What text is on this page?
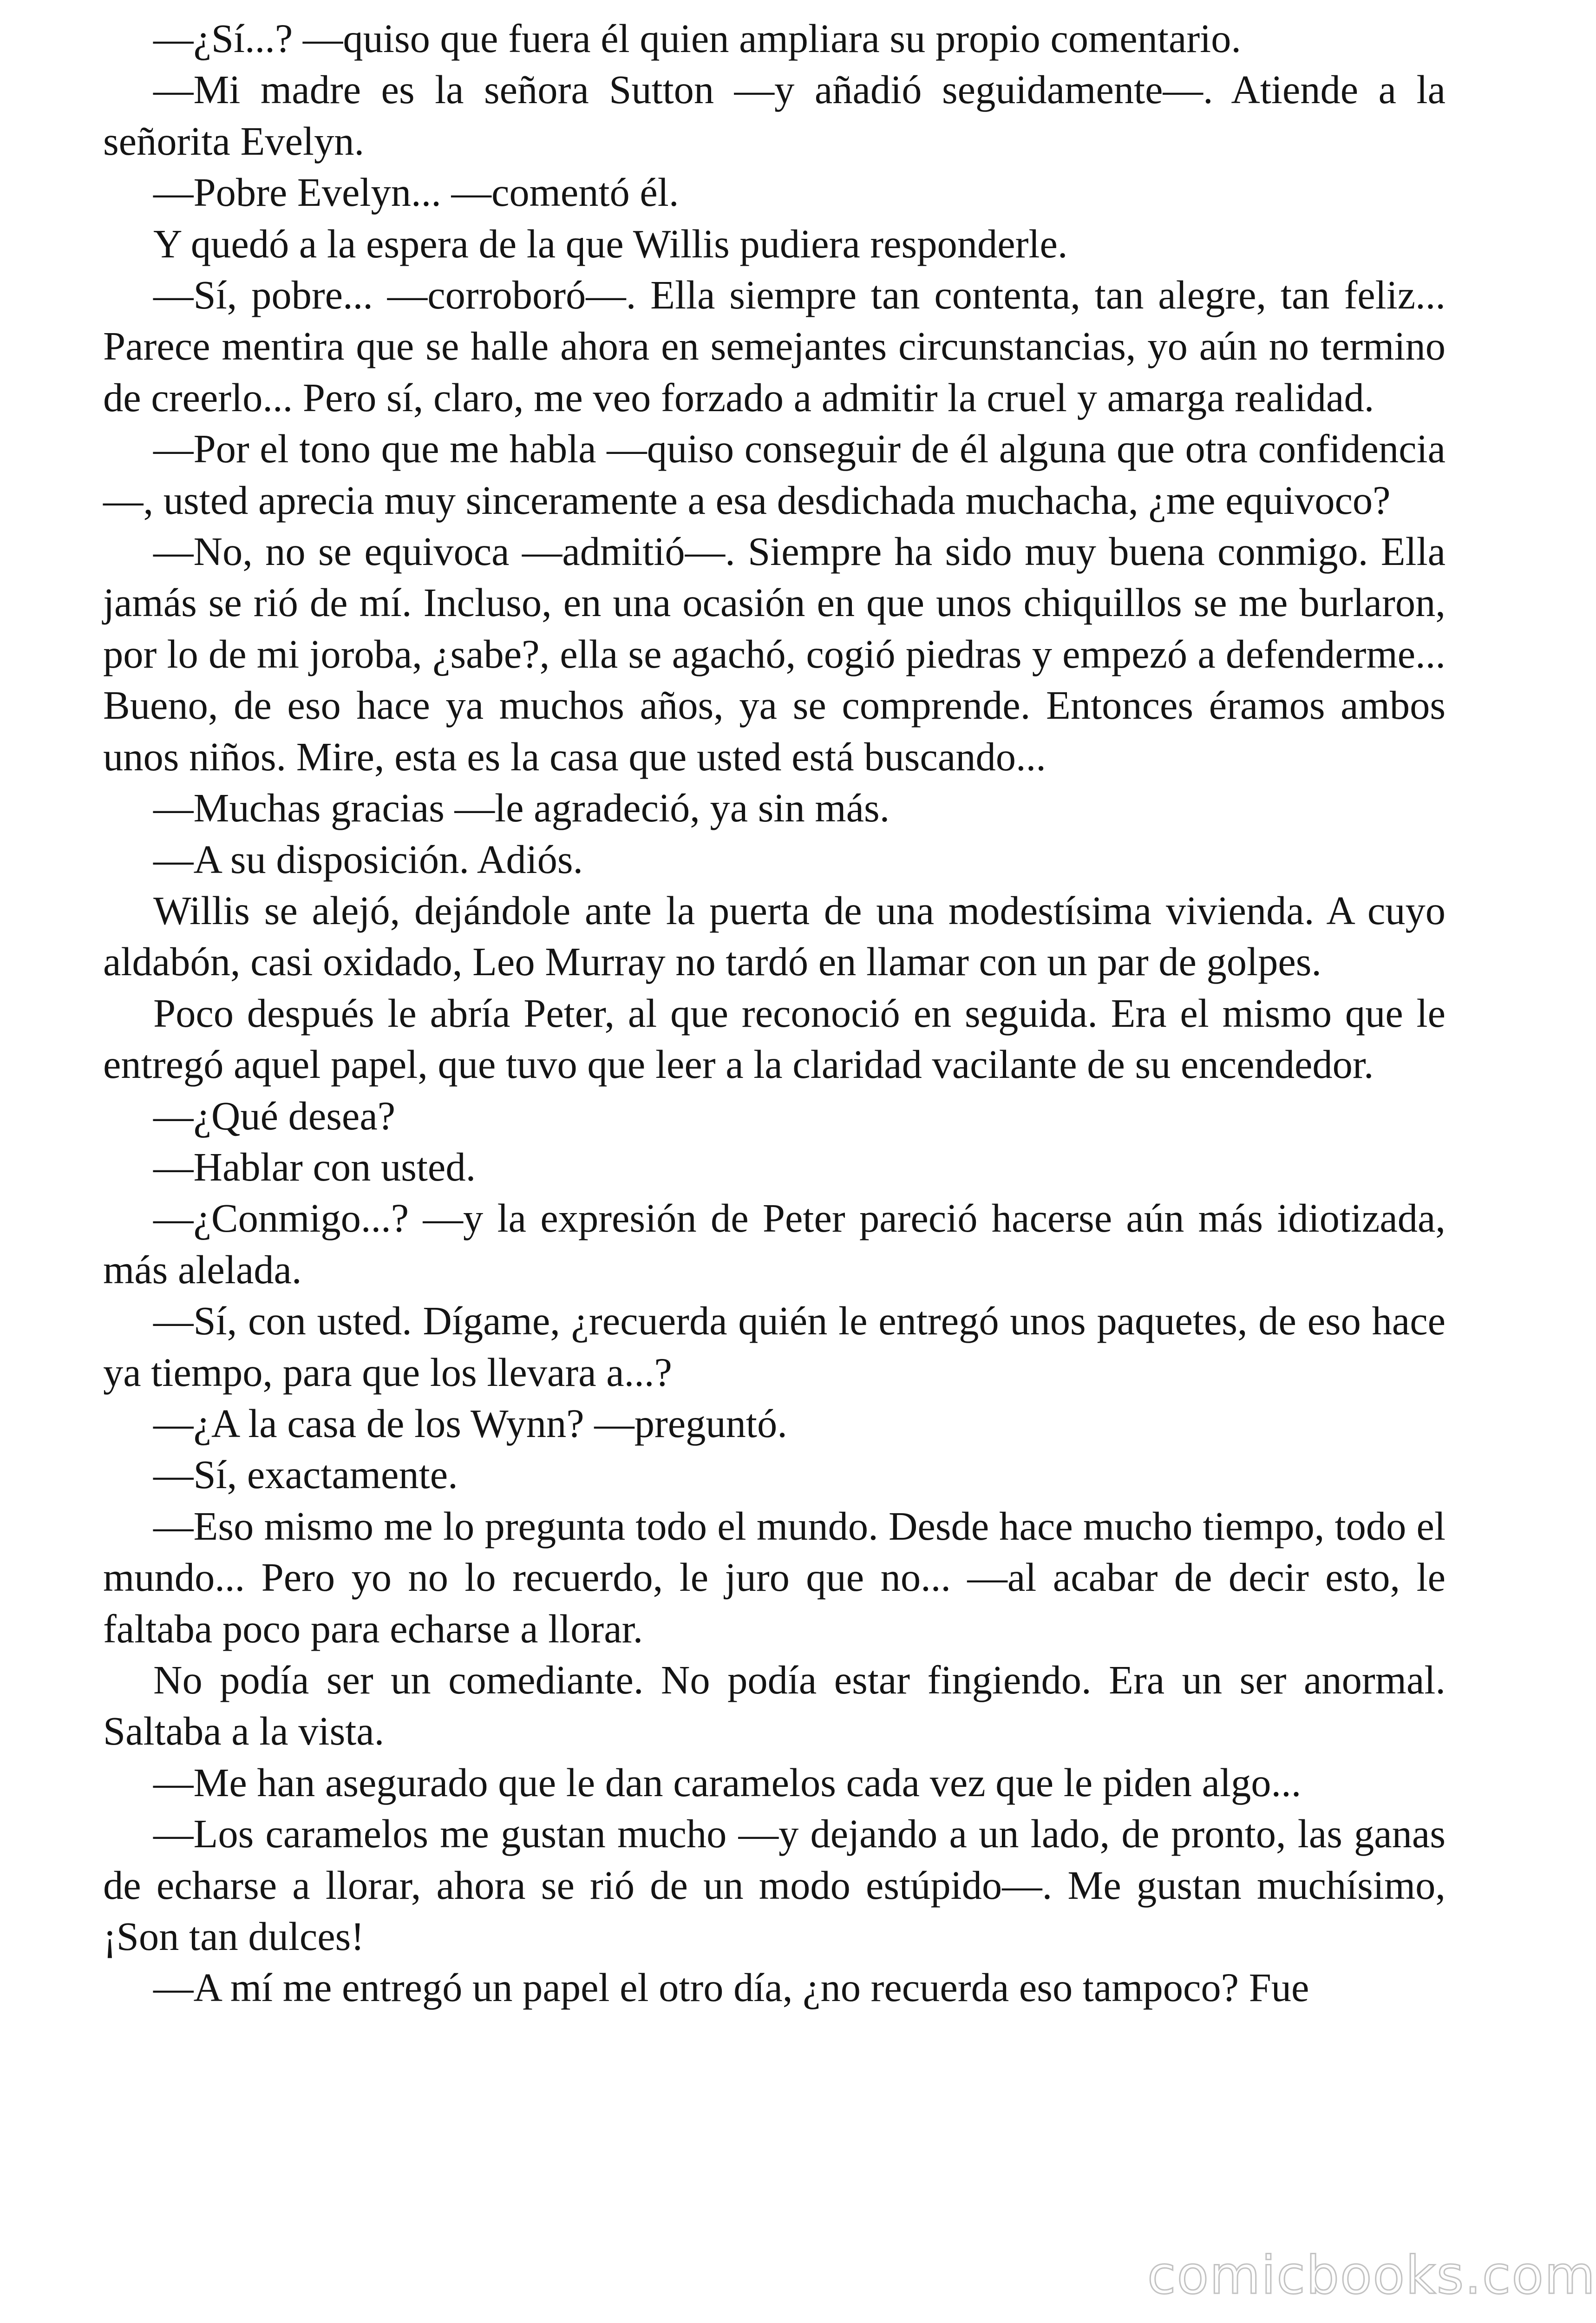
—¿Sí...? —quiso que fuera él quien ampliara su propio comentario.

—Mi madre es la señora Sutton —y añadió seguidamente—. Atiende a la señorita Evelyn.

—Pobre Evelyn... —comentó él.

Y quedó a la espera de la que Willis pudiera responderle.

—Sí, pobre... —corroboró—. Ella siempre tan contenta, tan alegre, tan feliz... Parece mentira que se halle ahora en semejantes circunstancias, yo aún no termino de creerlo... Pero sí, claro, me veo forzado a admitir la cruel y amarga realidad.

—Por el tono que me habla —quiso conseguir de él alguna que otra confidencia—, usted aprecia muy sinceramente a esa desdichada muchacha, ¿me equivoco?

—No, no se equivoca —admitió—. Siempre ha sido muy buena conmigo. Ella jamás se rió de mí. Incluso, en una ocasión en que unos chiquillos se me burlaron, por lo de mi joroba, ¿sabe?, ella se agachó, cogió piedras y empezó a defenderme... Bueno, de eso hace ya muchos años, ya se comprende. Entonces éramos ambos unos niños. Mire, esta es la casa que usted está buscando...

—Muchas gracias —le agradeció, ya sin más.

—A su disposición. Adiós.

Willis se alejó, dejándole ante la puerta de una modestísima vivienda. A cuyo aldabón, casi oxidado, Leo Murray no tardó en llamar con un par de golpes.

Poco después le abría Peter, al que reconoció en seguida. Era el mismo que le entregó aquel papel, que tuvo que leer a la claridad vacilante de su encendedor.

—¿Qué desea?

—Hablar con usted.

—¿Conmigo...? —y la expresión de Peter pareció hacerse aún más idiotizada, más alelada.

—Sí, con usted. Dígame, ¿recuerda quién le entregó unos paquetes, de eso hace ya tiempo, para que los llevara a...?

—¿A la casa de los Wynn? —preguntó.

—Sí, exactamente.

—Eso mismo me lo pregunta todo el mundo. Desde hace mucho tiempo, todo el mundo... Pero yo no lo recuerdo, le juro que no... —al acabar de decir esto, le faltaba poco para echarse a llorar.

No podía ser un comediante. No podía estar fingiendo. Era un ser anormal. Saltaba a la vista.

—Me han asegurado que le dan caramelos cada vez que le piden algo...

—Los caramelos me gustan mucho —y dejando a un lado, de pronto, las ganas de echarse a llorar, ahora se rió de un modo estúpido—. Me gustan muchísimo, ¡Son tan dulces!

—A mí me entregó un papel el otro día, ¿no recuerda eso tampoco? Fue

comicbooks.com
